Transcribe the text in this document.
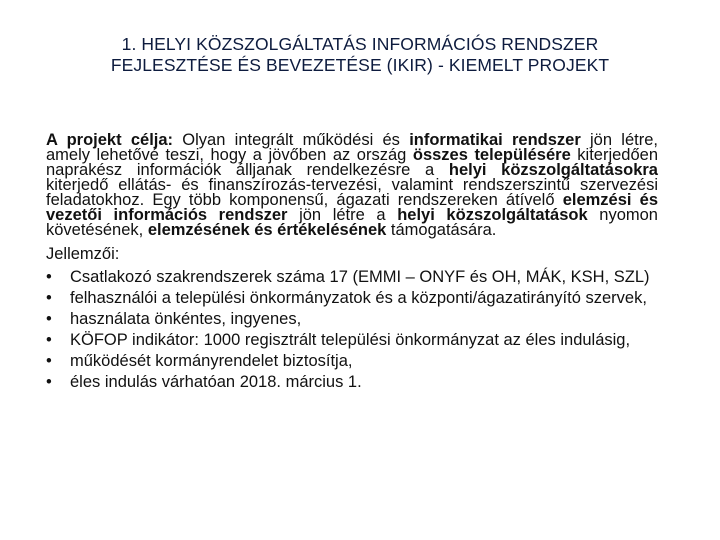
1. HELYI KÖZSZOLGÁLTATÁS INFORMÁCIÓS RENDSZER
FEJLESZTÉSE ÉS BEVEZETÉSE (IKIR) - KIEMELT PROJEKT

A projekt célja: Olyan integrált működési és informatikai rendszer jön létre, amely lehetővé teszi, hogy a jövőben az ország összes településére kiterjedően naprakész információk álljanak rendelkezésre a helyi közszolgáltatásokra kiterjedő ellátás- és finanszírozás-tervezési, valamint rendszerszintű szervezési feladatokhoz. Egy több komponensű, ágazati rendszereken átívelő elemzési és vezetői információs rendszer jön létre a helyi közszolgáltatások nyomon követésének, elemzésének és értékelésének támogatására.

Jellemzői:
•	Csatlakozó szakrendszerek száma 17 (EMMI – ONYF és OH, MÁK, KSH, SZL)
•	felhasználói a települési önkormányzatok és a központi/ágazatirányító szervek,
•	használata önkéntes, ingyenes,
•	KÖFOP indikátor: 1000 regisztrált települési önkormányzat az éles indulásig,
•	működését kormányrendelet biztosítja,
•	éles indulás várhatóan 2018. március 1.
